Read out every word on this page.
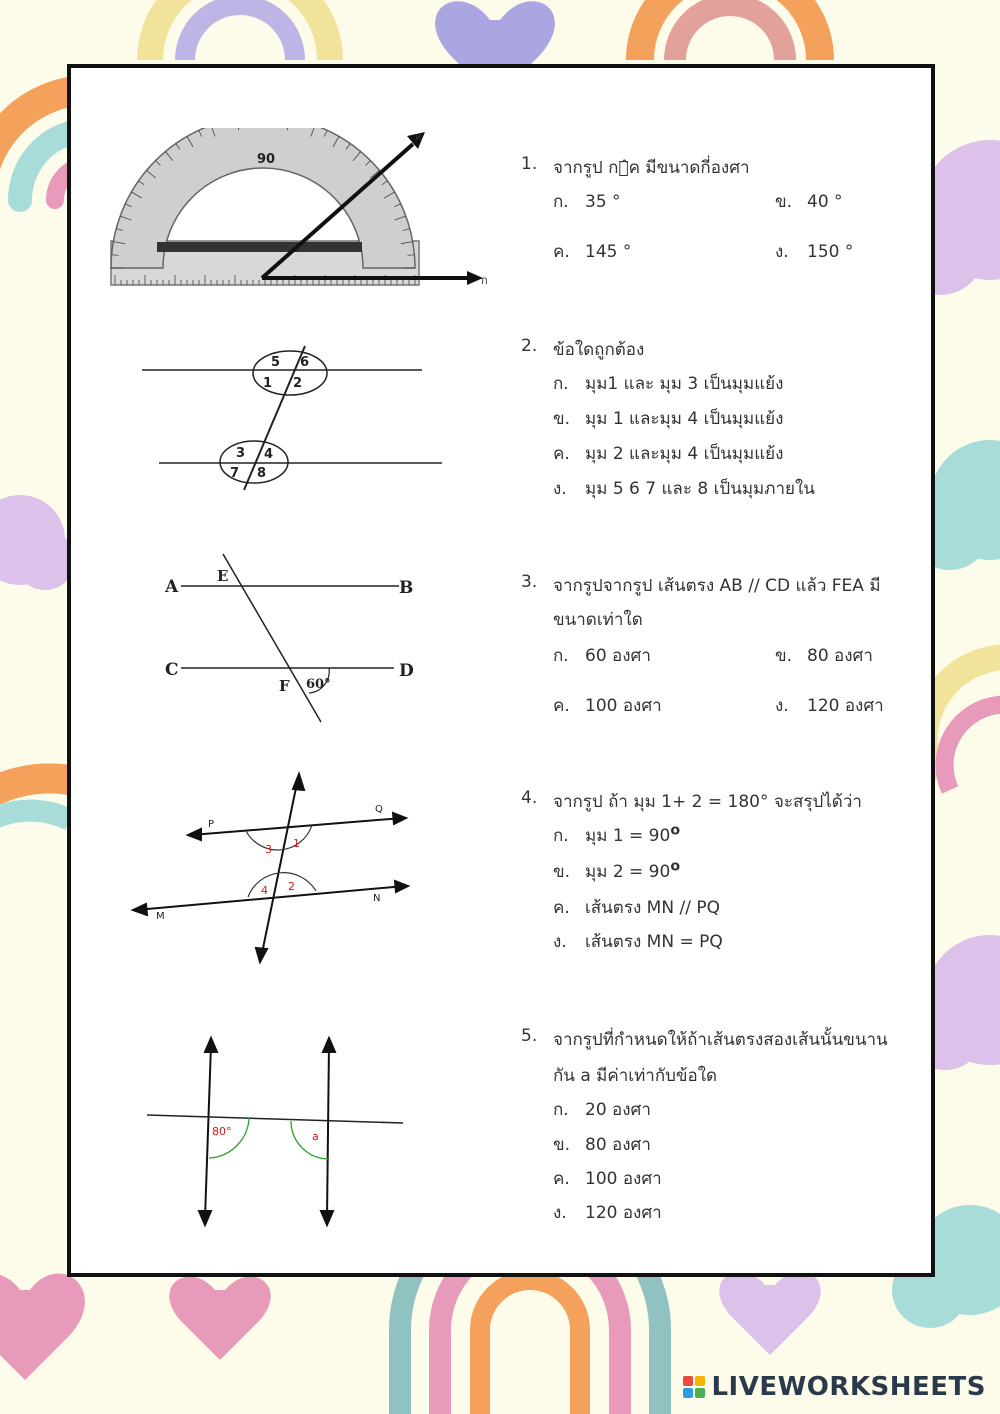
90
ค
ก
5 6
1 2
3 4
7 8
A	B
C	D
E
F 60°
P
Q
M
N
1
3
2
4
80°	a
1. จากรูป กข̂ค มีขนาดกี่องศา
ก. 35 °	ข. 40 °
ค. 145 °	ง. 150 °
2. ข้อใดถูกต้อง
ก. มุม1 และ มุม 3 เป็นมุมแย้ง
ข. มุม 1 และมุม 4 เป็นมุมแย้ง
ค. มุม 2 และมุม 4 เป็นมุมแย้ง
ง. มุม 5 6 7 และ 8 เป็นมุมภายใน
3. จากรูปจากรูป เส้นตรง AB // CD แล้ว FEA มี
ขนาดเท่าใด
ก. 60 องศา	ข. 80 องศา
ค. 100 องศา	ง. 120 องศา
4. จากรูป ถ้า มุม 1+ 2 = 180° จะสรุปได้ว่า
ก. มุม $1 = 90^o$
ข. มุม $2 = 90^o$
ค. เส้นตรง MN // PQ
ง. เส้นตรง MN = PQ
5. จากรูปที่กำหนดให้ถ้าเส้นตรงสองเส้นนั้นขนาน
กัน a มีค่าเท่ากับข้อใด
ก. 20 องศา
ข. 80 องศา
ค. 100 องศา
ง. 120 องศา
LIVEWORKSHEETS
